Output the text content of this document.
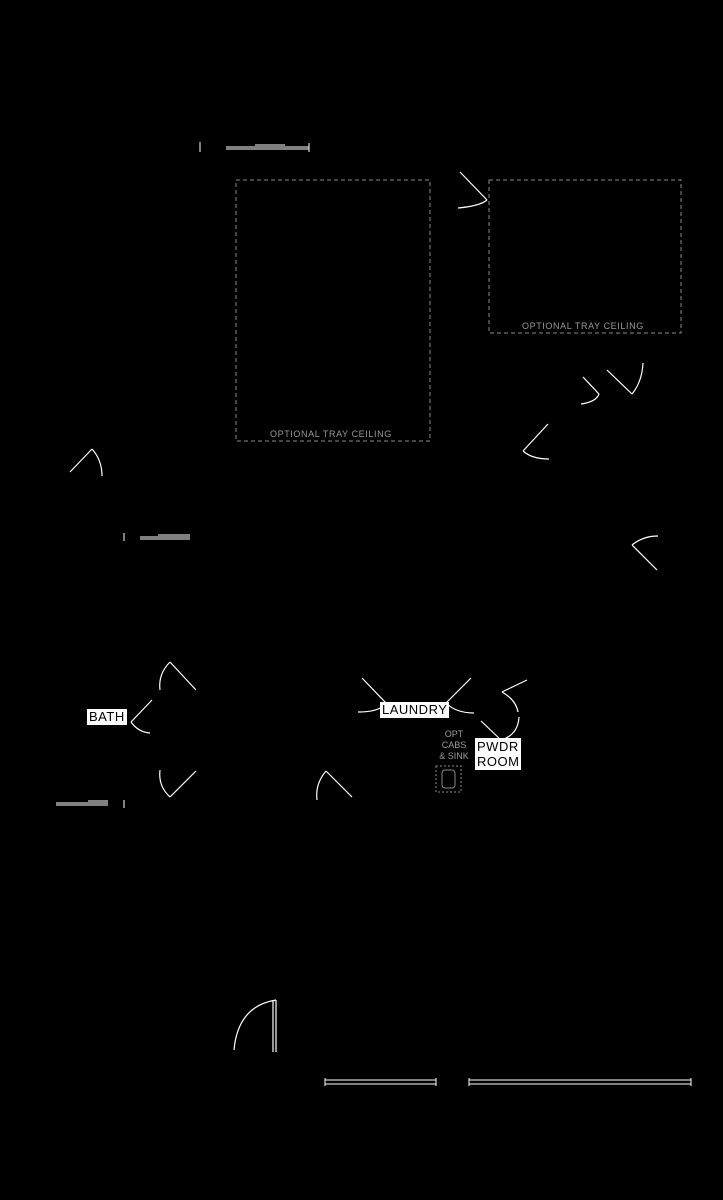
OPTIONAL TRAY CEILING
OPTIONAL TRAY CEILING
BATH	LAUNDRY
PWDR
ROOM
OPT
CABS
& SINK
